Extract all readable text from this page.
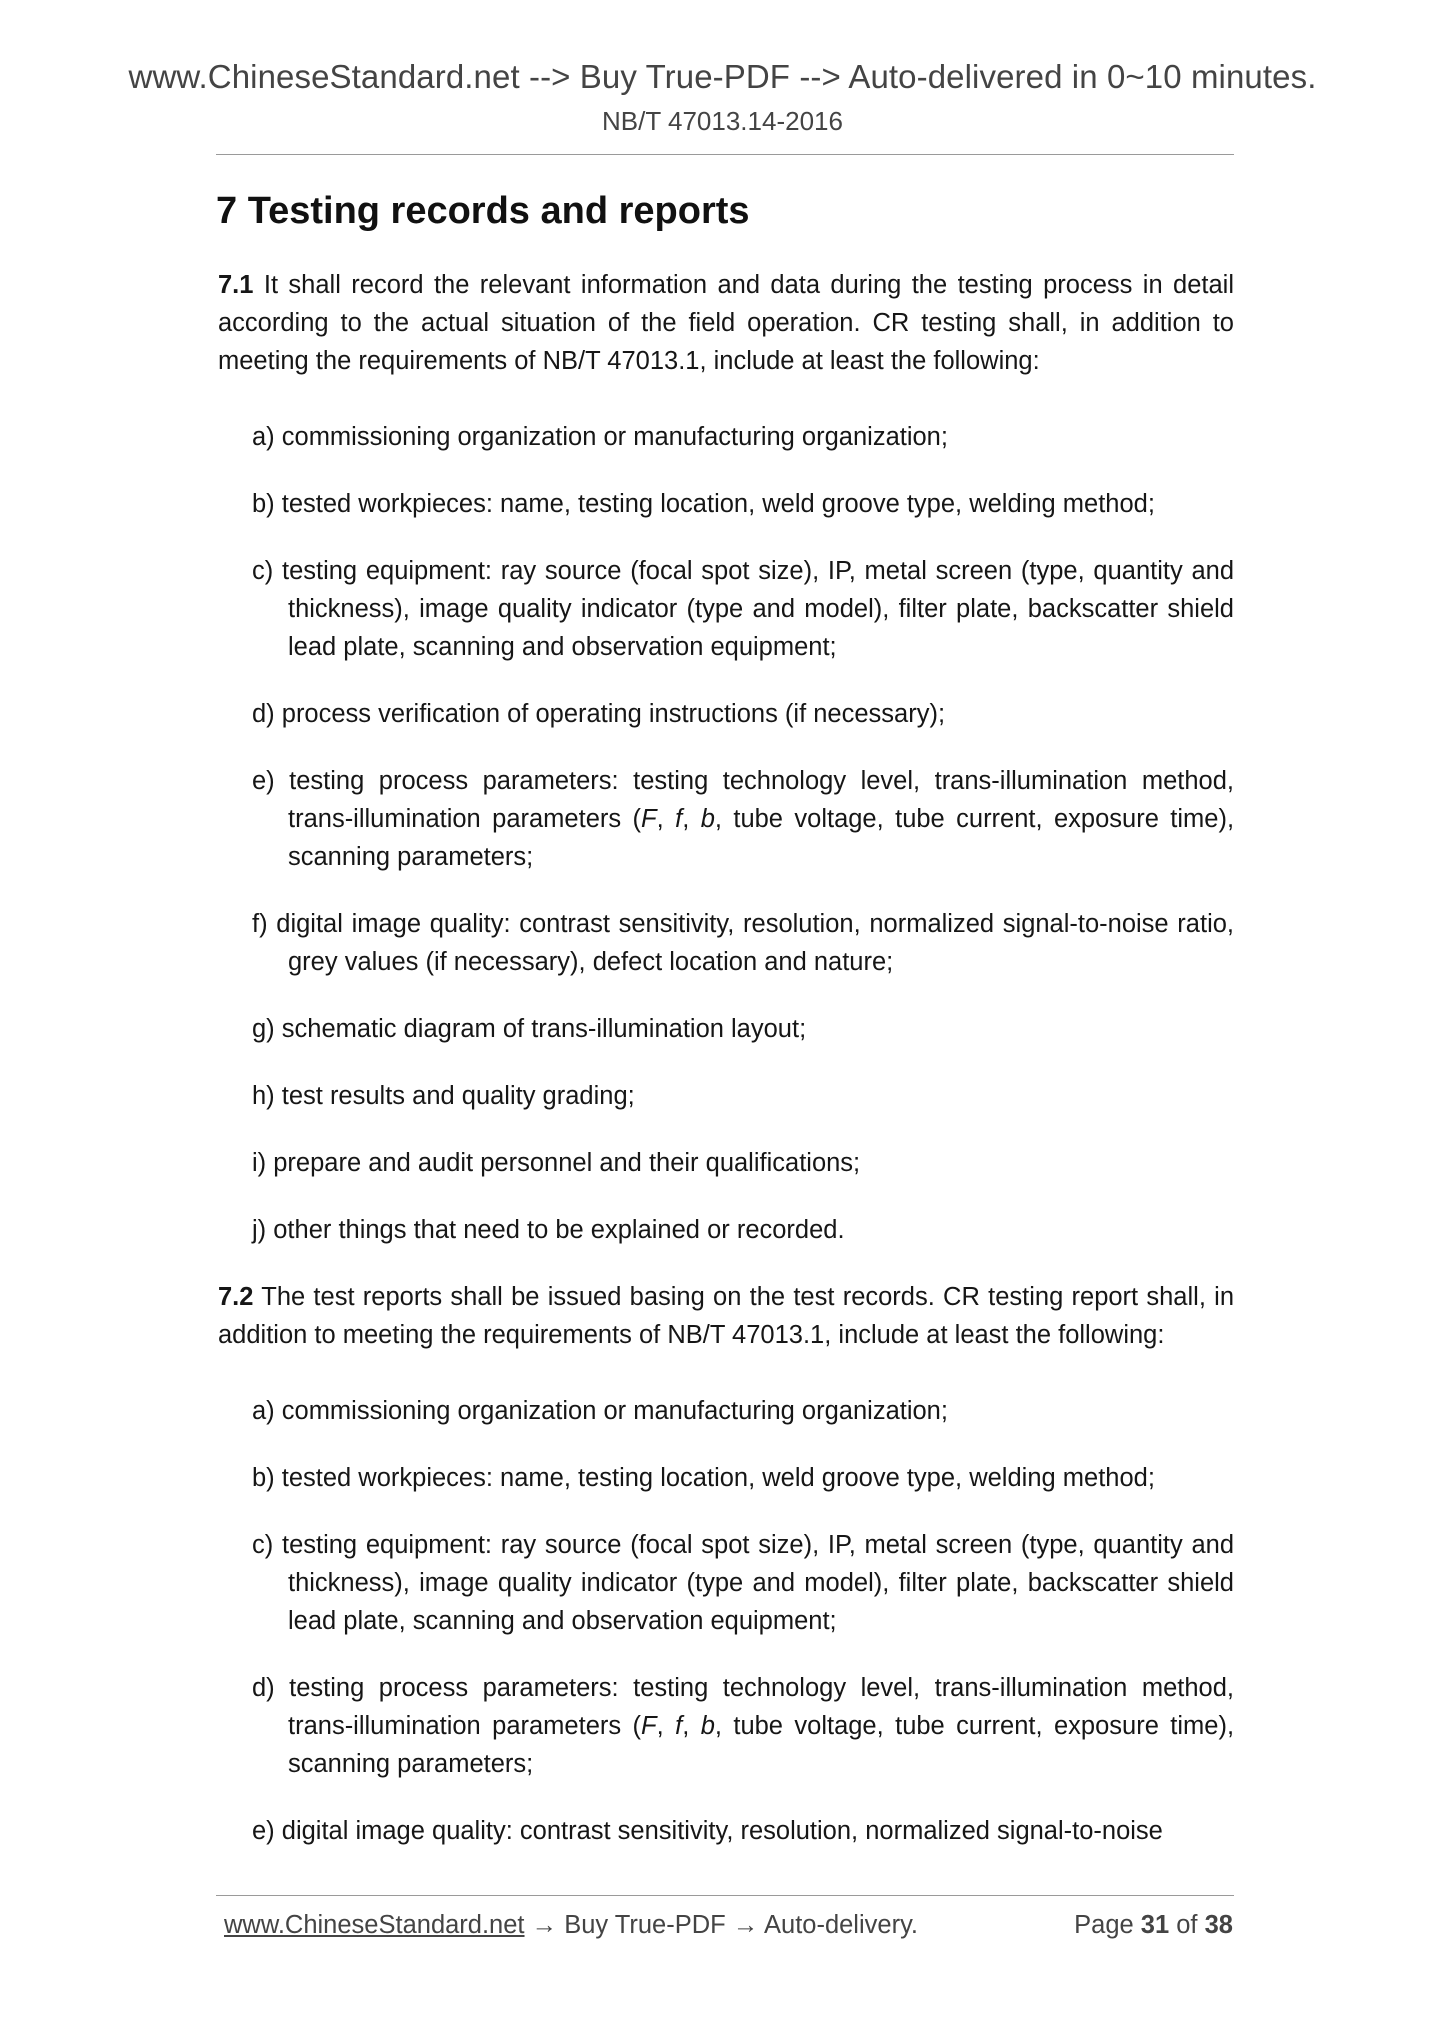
www.ChineseStandard.net --> Buy True-PDF --> Auto-delivered in 0~10 minutes.
NB/T 47013.14-2016
7 Testing records and reports
7.1 It shall record the relevant information and data during the testing process in detail according to the actual situation of the field operation. CR testing shall, in addition to meeting the requirements of NB/T 47013.1, include at least the following:
a) commissioning organization or manufacturing organization;
b) tested workpieces: name, testing location, weld groove type, welding method;
c) testing equipment: ray source (focal spot size), IP, metal screen (type, quantity and thickness), image quality indicator (type and model), filter plate, backscatter shield lead plate, scanning and observation equipment;
d) process verification of operating instructions (if necessary);
e) testing process parameters: testing technology level, trans-illumination method, trans-illumination parameters (F, f, b, tube voltage, tube current, exposure time), scanning parameters;
f) digital image quality: contrast sensitivity, resolution, normalized signal-to-noise ratio, grey values (if necessary), defect location and nature;
g) schematic diagram of trans-illumination layout;
h) test results and quality grading;
i) prepare and audit personnel and their qualifications;
j) other things that need to be explained or recorded.
7.2 The test reports shall be issued basing on the test records. CR testing report shall, in addition to meeting the requirements of NB/T 47013.1, include at least the following:
a) commissioning organization or manufacturing organization;
b) tested workpieces: name, testing location, weld groove type, welding method;
c) testing equipment: ray source (focal spot size), IP, metal screen (type, quantity and thickness), image quality indicator (type and model), filter plate, backscatter shield lead plate, scanning and observation equipment;
d) testing process parameters: testing technology level, trans-illumination method, trans-illumination parameters (F, f, b, tube voltage, tube current, exposure time), scanning parameters;
e) digital image quality: contrast sensitivity, resolution, normalized signal-to-noise
www.ChineseStandard.net → Buy True-PDF → Auto-delivery.	Page 31 of 38
